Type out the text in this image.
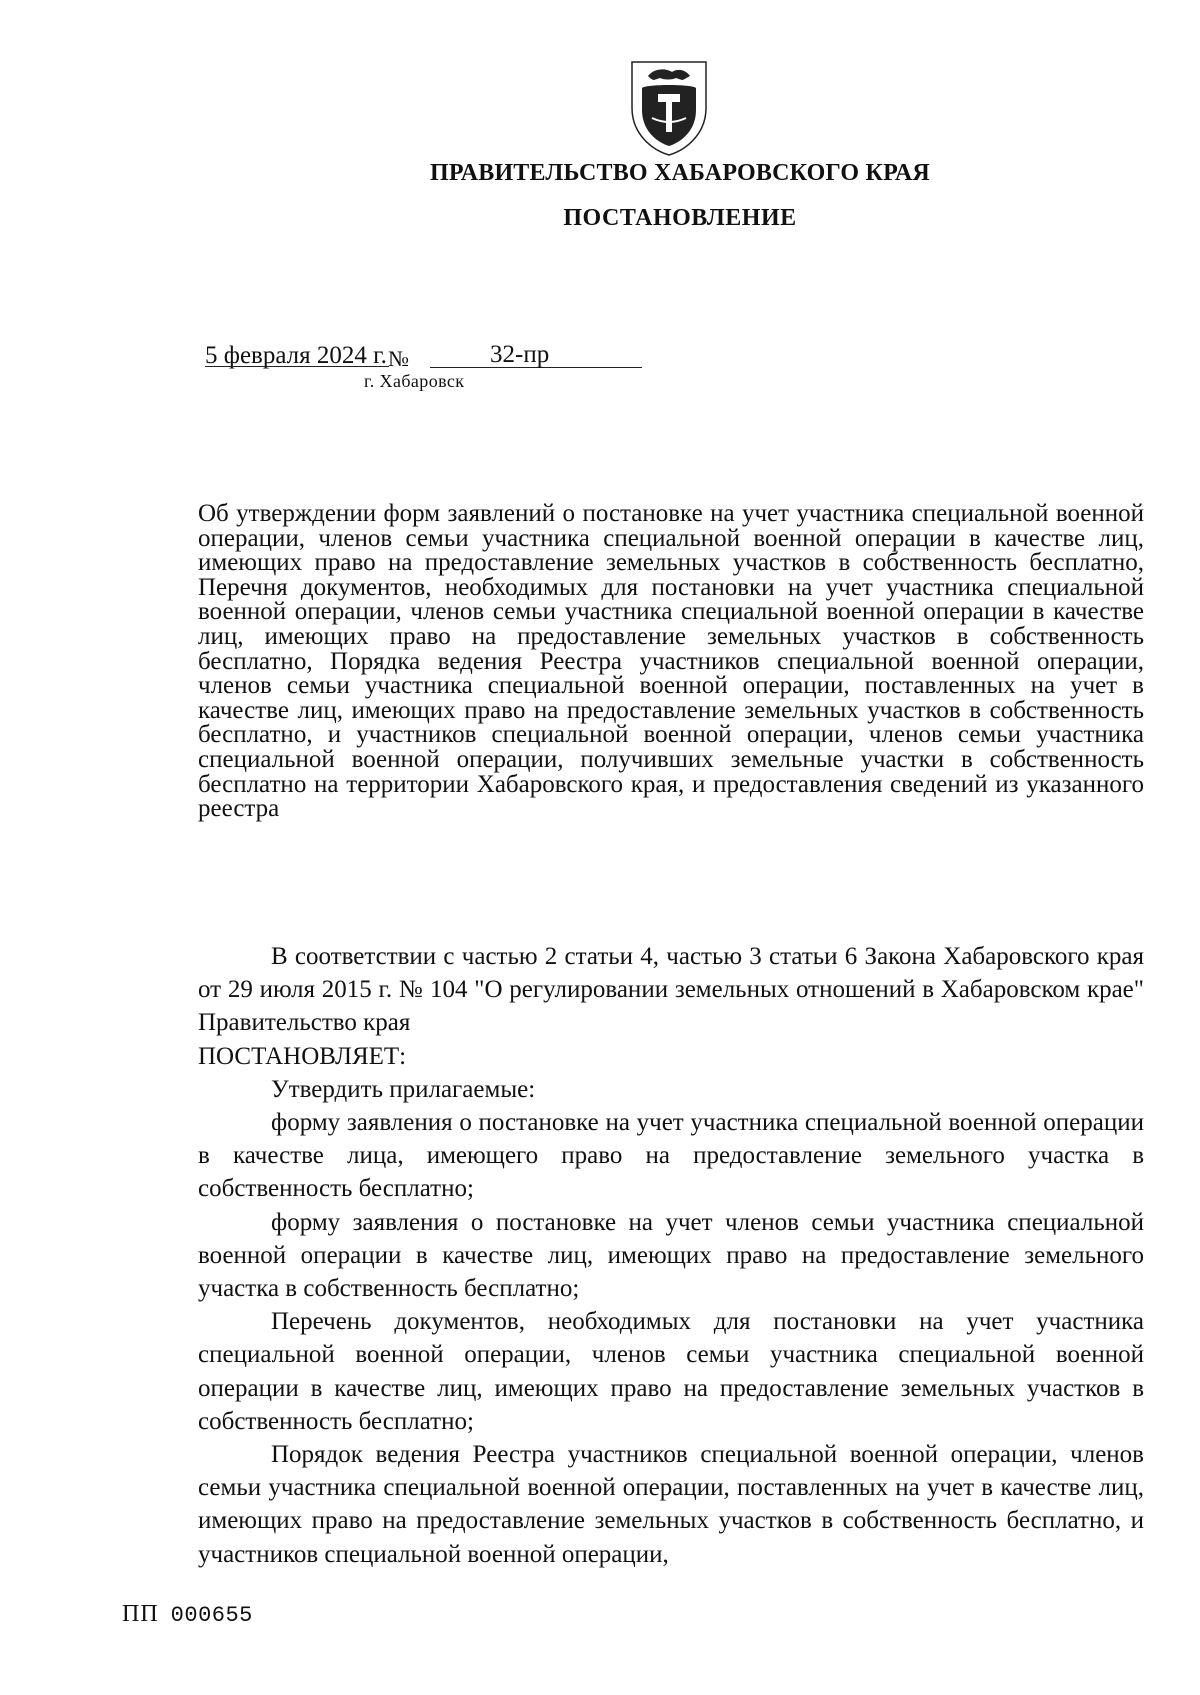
ПРАВИТЕЛЬСТВО ХАБАРОВСКОГО КРАЯ
ПОСТАНОВЛЕНИЕ
5 февраля 2024 г. №	32-пр
г. Хабаровск
Об утверждении форм заявлений о постановке на учет участника специальной военной операции, членов семьи участника специальной военной операции в качестве лиц, имеющих право на предоставление земельных участков в собственность бесплатно, Перечня документов, необходимых для постановки на учет участника специальной военной операции, членов семьи участника специальной военной операции в качестве лиц, имеющих право на предоставление земельных участков в собственность бесплатно, Порядка ведения Реестра участников специальной военной операции, членов семьи участника специальной военной операции, поставленных на учет в качестве лиц, имеющих право на предоставление земельных участков в собственность бесплатно, и участников специальной военной операции, членов семьи участника специальной военной операции, получивших земельные участки в собственность бесплатно на территории Хабаровского края, и предоставления сведений из указанного реестра

В соответствии с частью 2 статьи 4, частью 3 статьи 6 Закона Хабаровского края от 29 июля 2015 г. № 104 "О регулировании земельных отношений в Хабаровском крае" Правительство края

ПОСТАНОВЛЯЕТ:

Утвердить прилагаемые:

форму заявления о постановке на учет участника специальной военной операции в качестве лица, имеющего право на предоставление земельного участка в собственность бесплатно;

форму заявления о постановке на учет членов семьи участника специальной военной операции в качестве лиц, имеющих право на предоставление земельного участка в собственность бесплатно;

Перечень документов, необходимых для постановки на учет участника специальной военной операции, членов семьи участника специальной военной операции в качестве лиц, имеющих право на предоставление земельных участков в собственность бесплатно;

Порядок ведения Реестра участников специальной военной операции, членов семьи участника специальной военной операции, поставленных на учет в качестве лиц, имеющих право на предоставление земельных участков в собственность бесплатно, и участников специальной военной операции,

ПП 000655
